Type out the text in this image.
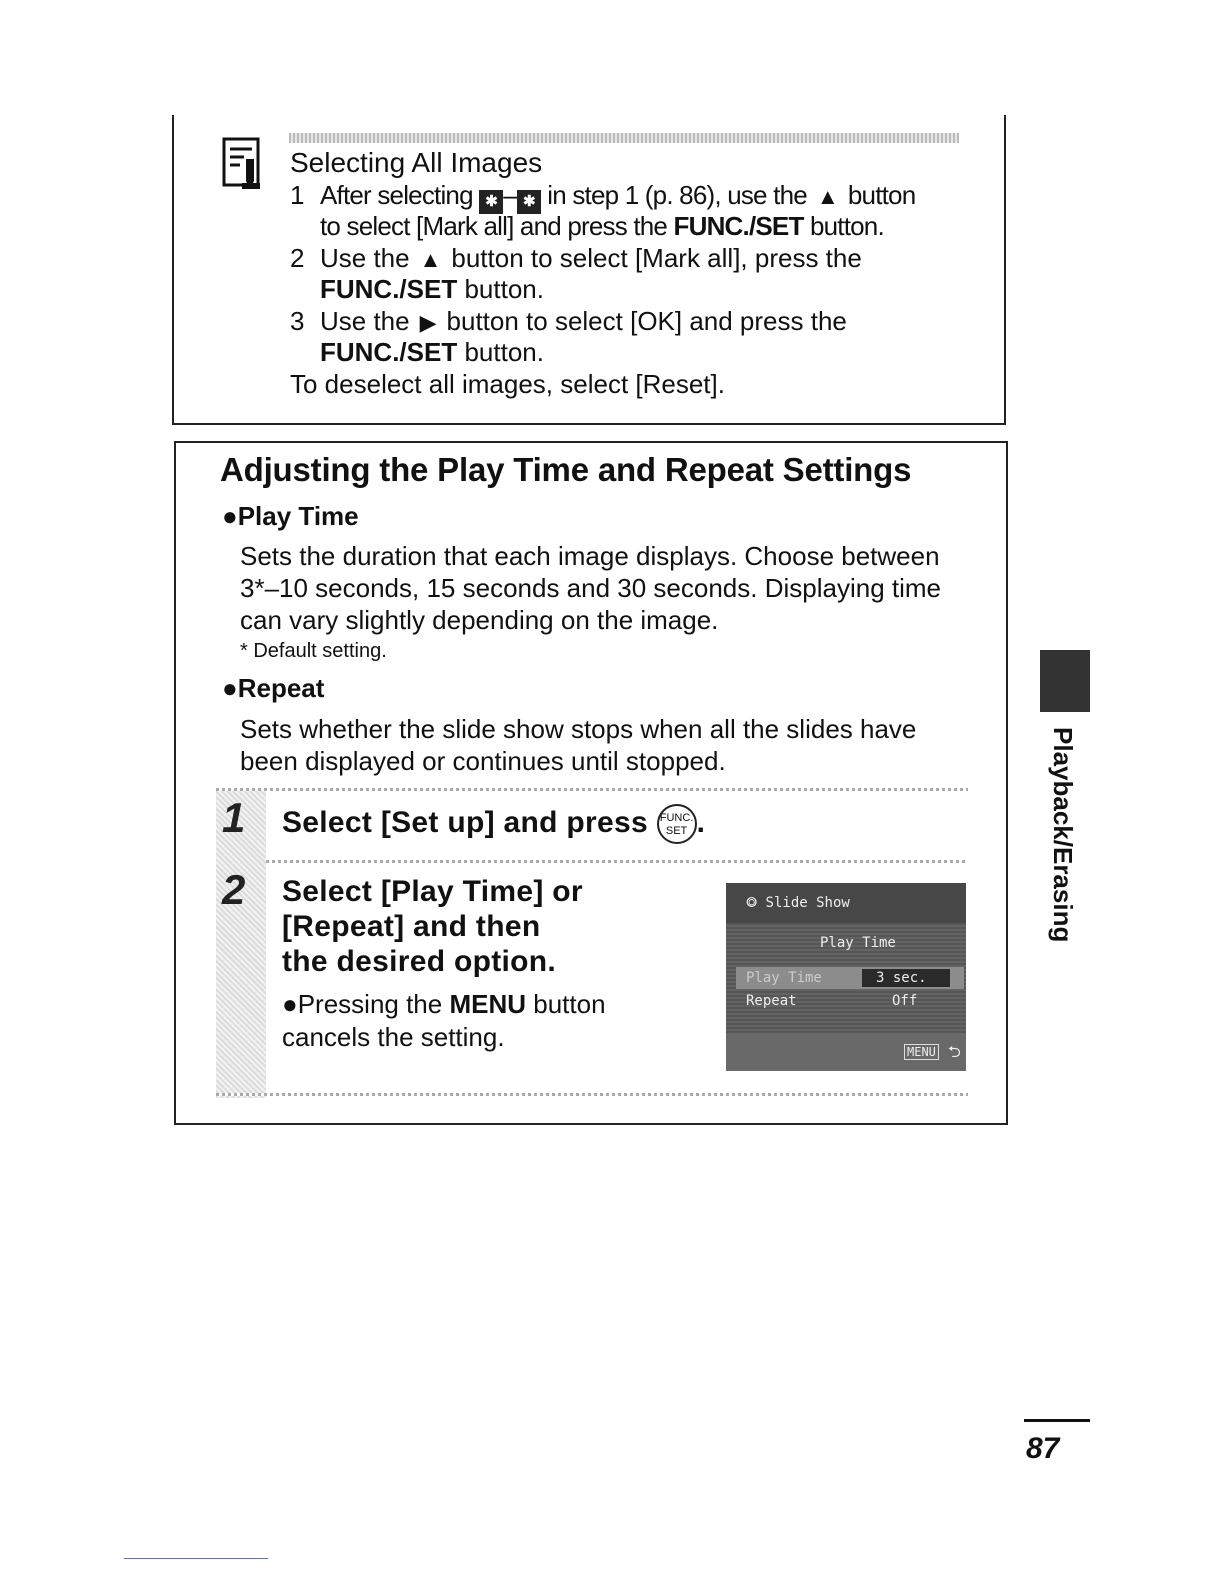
Selecting All Images
1 After selecting ✱ – ✱ in step 1 (p. 86), use the ▲ button
to select [Mark all] and press the FUNC./SET button.
2 Use the ▲ button to select [Mark all], press the
FUNC./SET button.
3 Use the ▶ button to select [OK] and press the
FUNC./SET button.
To deselect all images, select [Reset].
Adjusting the Play Time and Repeat Settings
●Play Time
Sets the duration that each image displays. Choose between 3*–10 seconds, 15 seconds and 30 seconds. Displaying time can vary slightly depending on the image.
* Default setting.
●Repeat
Sets whether the slide show stops when all the slides have been displayed or continues until stopped.
1 Select [Set up] and press FUNC.
SET .
2 Select [Play Time] or
[Repeat] and then
the desired option.
●Pressing the MENU button cancels the setting.
⭗ Slide Show
Play Time
Play Time	3 sec.
Repeat	Off
MENU ⮌
Playback/Erasing
87
